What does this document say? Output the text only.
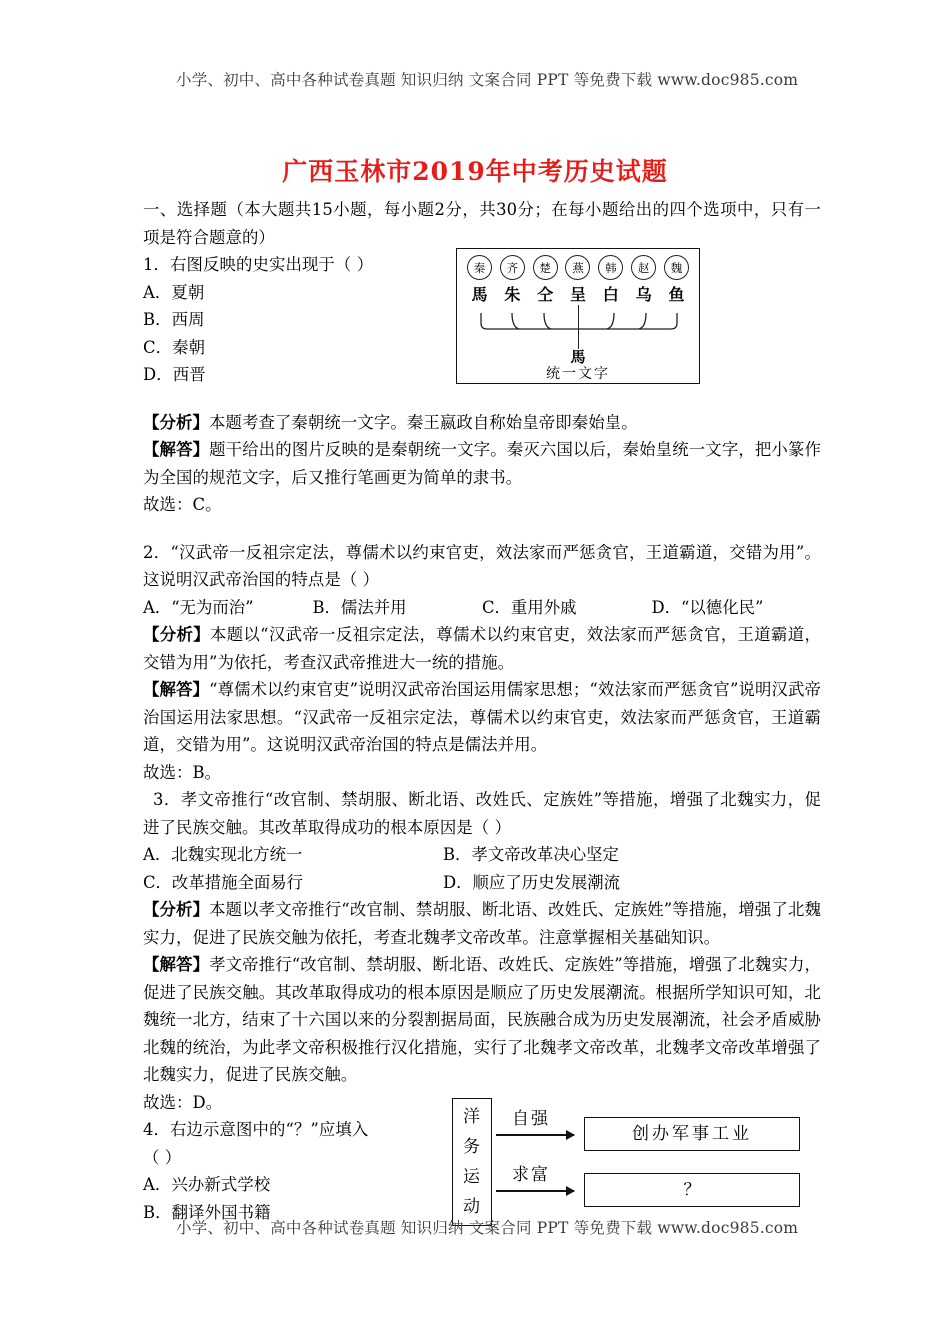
小学、初中、高中各种试卷真题 知识归纳 文案合同 PPT 等免费下载 www.doc985.com
广西玉林市2019年中考历史试题

一、选择题（本大题共15小题，每小题2分，共30分；在每小题给出的四个选项中，只有一项是符合题意的）

1．右图反映的史实出现于（ ）

A．夏朝

B．西周

C．秦朝

D．西晋

【分析】本题考查了秦朝统一文字。秦王嬴政自称始皇帝即秦始皇。

【解答】题干给出的图片反映的是秦朝统一文字。秦灭六国以后，秦始皇统一文字，把小篆作为全国的规范文字，后又推行笔画更为简单的隶书。

故选：C。

2．“汉武帝一反祖宗定法，尊儒术以约束官吏，效法家而严惩贪官，王道霸道，交错为用”。这说明汉武帝治国的特点是（ ）

A．“无为而治”	B．儒法并用	C．重用外戚	D．“以德化民”

【分析】本题以“汉武帝一反祖宗定法，尊儒术以约束官吏，效法家而严惩贪官，王道霸道，交错为用”为依托，考查汉武帝推进大一统的措施。

【解答】“尊儒术以约束官吏”说明汉武帝治国运用儒家思想；“效法家而严惩贪官”说明汉武帝治国运用法家思想。“汉武帝一反祖宗定法，尊儒术以约束官吏，效法家而严惩贪官，王道霸道，交错为用”。这说明汉武帝治国的特点是儒法并用。

故选：B。

3．孝文帝推行“改官制、禁胡服、断北语、改姓氏、定族姓”等措施，增强了北魏实力，促进了民族交触。其改革取得成功的根本原因是（ ）

A．北魏实现北方统一	B．孝文帝改革决心坚定
C．改革措施全面易行	D．顺应了历史发展潮流

【分析】本题以孝文帝推行“改官制、禁胡服、断北语、改姓氏、定族姓”等措施，增强了北魏实力，促进了民族交触为依托，考查北魏孝文帝改革。注意掌握相关基础知识。

【解答】孝文帝推行“改官制、禁胡服、断北语、改姓氏、定族姓”等措施，增强了北魏实力，促进了民族交触。其改革取得成功的根本原因是顺应了历史发展潮流。根据所学知识可知，北魏统一北方，结束了十六国以来的分裂割据局面，民族融合成为历史发展潮流，社会矛盾威胁北魏的统治，为此孝文帝积极推行汉化措施，实行了北魏孝文帝改革，北魏孝文帝改革增强了北魏实力，促进了民族交触。

故选：D。

4．右边示意图中的“？”应填入

（ ）

A．兴办新式学校

B．翻译外国书籍

秦	齐	楚	燕	韩	赵	魏
馬 朱 仝 呈 白 乌 鱼
馬
统一文字
洋
务
运
动
自强
创办军事工业
求富
？
小学、初中、高中各种试卷真题 知识归纳 文案合同 PPT 等免费下载 www.doc985.com
